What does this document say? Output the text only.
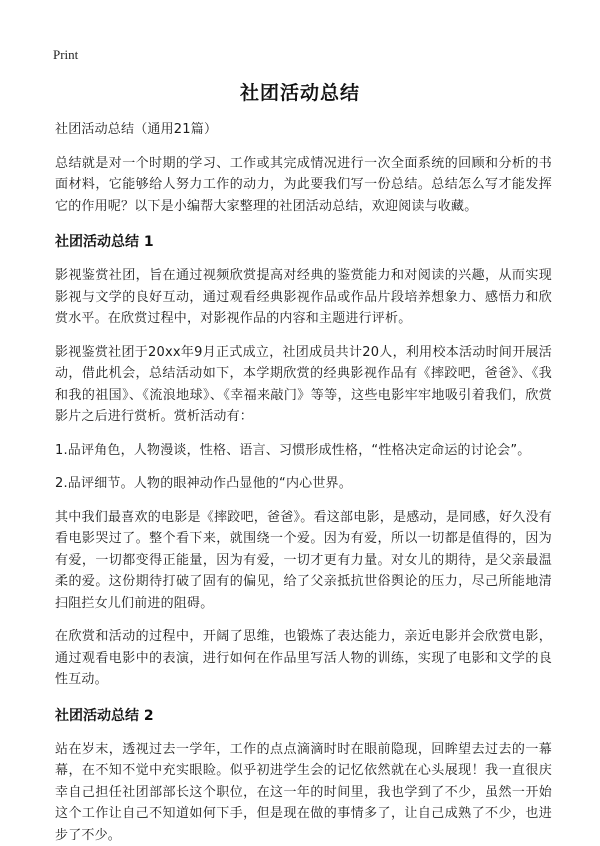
Print
社团活动总结

社团活动总结（通用21篇）

总结就是对一个时期的学习、工作或其完成情况进行一次全面系统的回顾和分析的书面材料，它能够给人努力工作的动力，为此要我们写一份总结。总结怎么写才能发挥它的作用呢？以下是小编帮大家整理的社团活动总结，欢迎阅读与收藏。

社团活动总结 1

影视鉴赏社团，旨在通过视频欣赏提高对经典的鉴赏能力和对阅读的兴趣，从而实现影视与文学的良好互动，通过观看经典影视作品或作品片段培养想象力、感悟力和欣赏水平。在欣赏过程中，对影视作品的内容和主题进行评析。

影视鉴赏社团于20xx年9月正式成立，社团成员共计20人，利用校本活动时间开展活动，借此机会，总结活动如下，本学期欣赏的经典影视作品有《摔跤吧，爸爸》、《我和我的祖国》、《流浪地球》、《幸福来敲门》等等，这些电影牢牢地吸引着我们，欣赏影片之后进行赏析。赏析活动有：

1.品评角色，人物漫谈，性格、语言、习惯形成性格，“性格决定命运的讨论会”。

2.品评细节。人物的眼神动作凸显他的“内心世界。

其中我们最喜欢的电影是《摔跤吧，爸爸》。看这部电影，是感动，是同感，好久没有看电影哭过了。整个看下来，就围绕一个爱。因为有爱，所以一切都是值得的，因为有爱，一切都变得正能量，因为有爱，一切才更有力量。对女儿的期待，是父亲最温柔的爱。这份期待打破了固有的偏见，给了父亲抵抗世俗舆论的压力，尽己所能地清扫阻拦女儿们前进的阻碍。

在欣赏和活动的过程中，开阔了思维，也锻炼了表达能力，亲近电影并会欣赏电影，通过观看电影中的表演，进行如何在作品里写活人物的训练，实现了电影和文学的良性互动。

社团活动总结 2

站在岁末，透视过去一学年，工作的点点滴滴时时在眼前隐现，回眸望去过去的一幕幕，在不知不觉中充实眼睑。似乎初进学生会的记忆依然就在心头展现！我一直很庆幸自己担任社团部部长这个职位，在这一年的时间里，我也学到了不少，虽然一开始这个工作让自己不知道如何下手，但是现在做的事情多了，让自己成熟了不少，也进步了不少。
